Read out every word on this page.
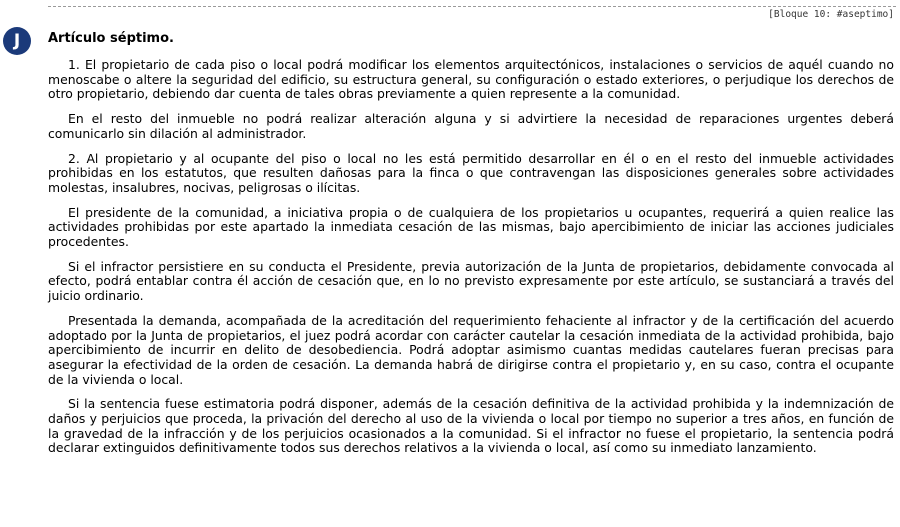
[Bloque 10: #aseptimo]
J	Artículo séptimo.

1. El propietario de cada piso o local podrá modificar los elementos arquitectónicos, instalaciones o servicios de aquél cuando no menoscabe o altere la seguridad del edificio, su estructura general, su configuración o estado exteriores, o perjudique los derechos de otro propietario, debiendo dar cuenta de tales obras previamente a quien represente a la comunidad.

En el resto del inmueble no podrá realizar alteración alguna y si advirtiere la necesidad de reparaciones urgentes deberá comunicarlo sin dilación al administrador.

2. Al propietario y al ocupante del piso o local no les está permitido desarrollar en él o en el resto del inmueble actividades prohibidas en los estatutos, que resulten dañosas para la finca o que contravengan las disposiciones generales sobre actividades molestas, insalubres, nocivas, peligrosas o ilícitas.

El presidente de la comunidad, a iniciativa propia o de cualquiera de los propietarios u ocupantes, requerirá a quien realice las actividades prohibidas por este apartado la inmediata cesación de las mismas, bajo apercibimiento de iniciar las acciones judiciales procedentes.

Si el infractor persistiere en su conducta el Presidente, previa autorización de la Junta de propietarios, debidamente convocada al efecto, podrá entablar contra él acción de cesación que, en lo no previsto expresamente por este artículo, se sustanciará a través del juicio ordinario.

Presentada la demanda, acompañada de la acreditación del requerimiento fehaciente al infractor y de la certificación del acuerdo adoptado por la Junta de propietarios, el juez podrá acordar con carácter cautelar la cesación inmediata de la actividad prohibida, bajo apercibimiento de incurrir en delito de desobediencia. Podrá adoptar asimismo cuantas medidas cautelares fueran precisas para asegurar la efectividad de la orden de cesación. La demanda habrá de dirigirse contra el propietario y, en su caso, contra el ocupante de la vivienda o local.

Si la sentencia fuese estimatoria podrá disponer, además de la cesación definitiva de la actividad prohibida y la indemnización de daños y perjuicios que proceda, la privación del derecho al uso de la vivienda o local por tiempo no superior a tres años, en función de la gravedad de la infracción y de los perjuicios ocasionados a la comunidad. Si el infractor no fuese el propietario, la sentencia podrá declarar extinguidos definitivamente todos sus derechos relativos a la vivienda o local, así como su inmediato lanzamiento.
